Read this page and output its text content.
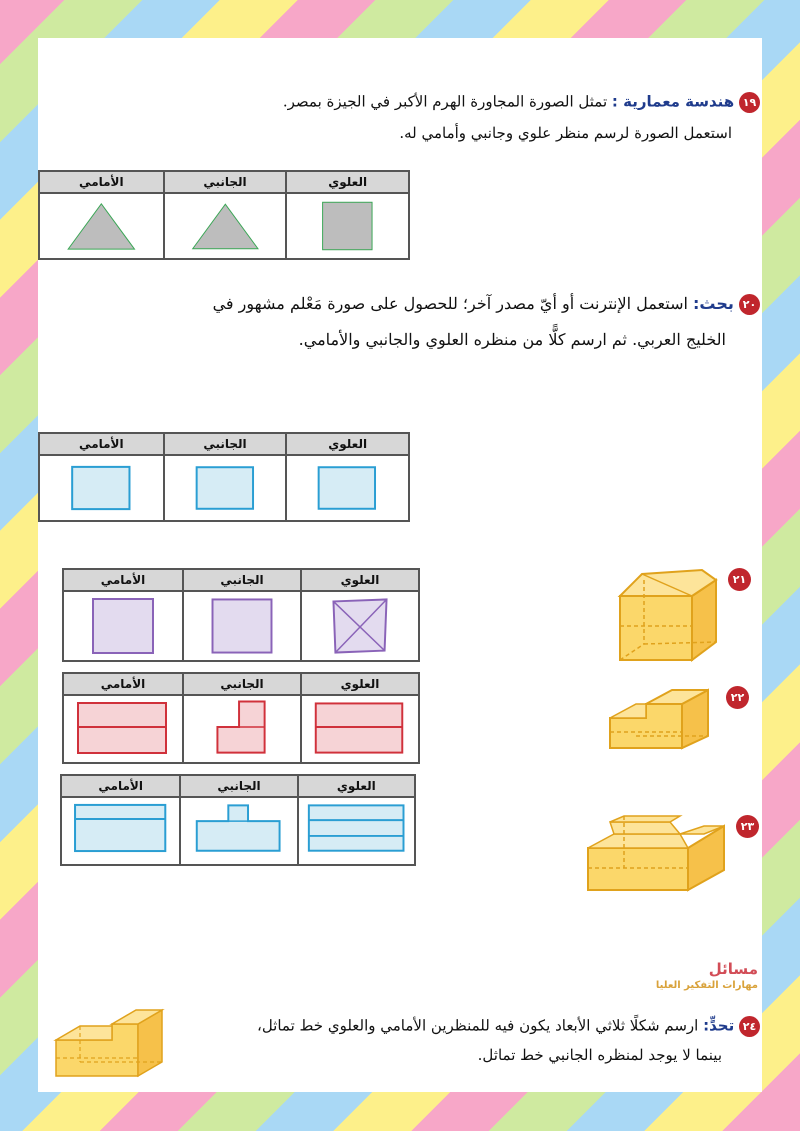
١٩ هندسة معمارية : تمثل الصورة المجاورة الهرم الأكبر في الجيزة بمصر.
استعمل الصورة لرسم منظر علوي وجانبي وأمامي له.
الأمامي	الجانبي	العلوي
٢٠ بحث: استعمل الإنترنت أو أيّ مصدر آخر؛ للحصول على صورة مَعْلم مشهور في
الخليج العربي. ثم ارسم كلًّا من منظره العلوي والجانبي والأمامي.
الأمامي	الجانبي	العلوي
الأمامي	الجانبي	العلوي
الأمامي	الجانبي	العلوي
الأمامي	الجانبي	العلوي
٢١
٢٢
٢٣
مسائل
مهارات التفكير العليا
٢٤ تحدٍّ: ارسم شكلًا ثلاثي الأبعاد يكون فيه للمنظرين الأمامي والعلوي خط تماثل،
بينما لا يوجد لمنظره الجانبي خط تماثل.
